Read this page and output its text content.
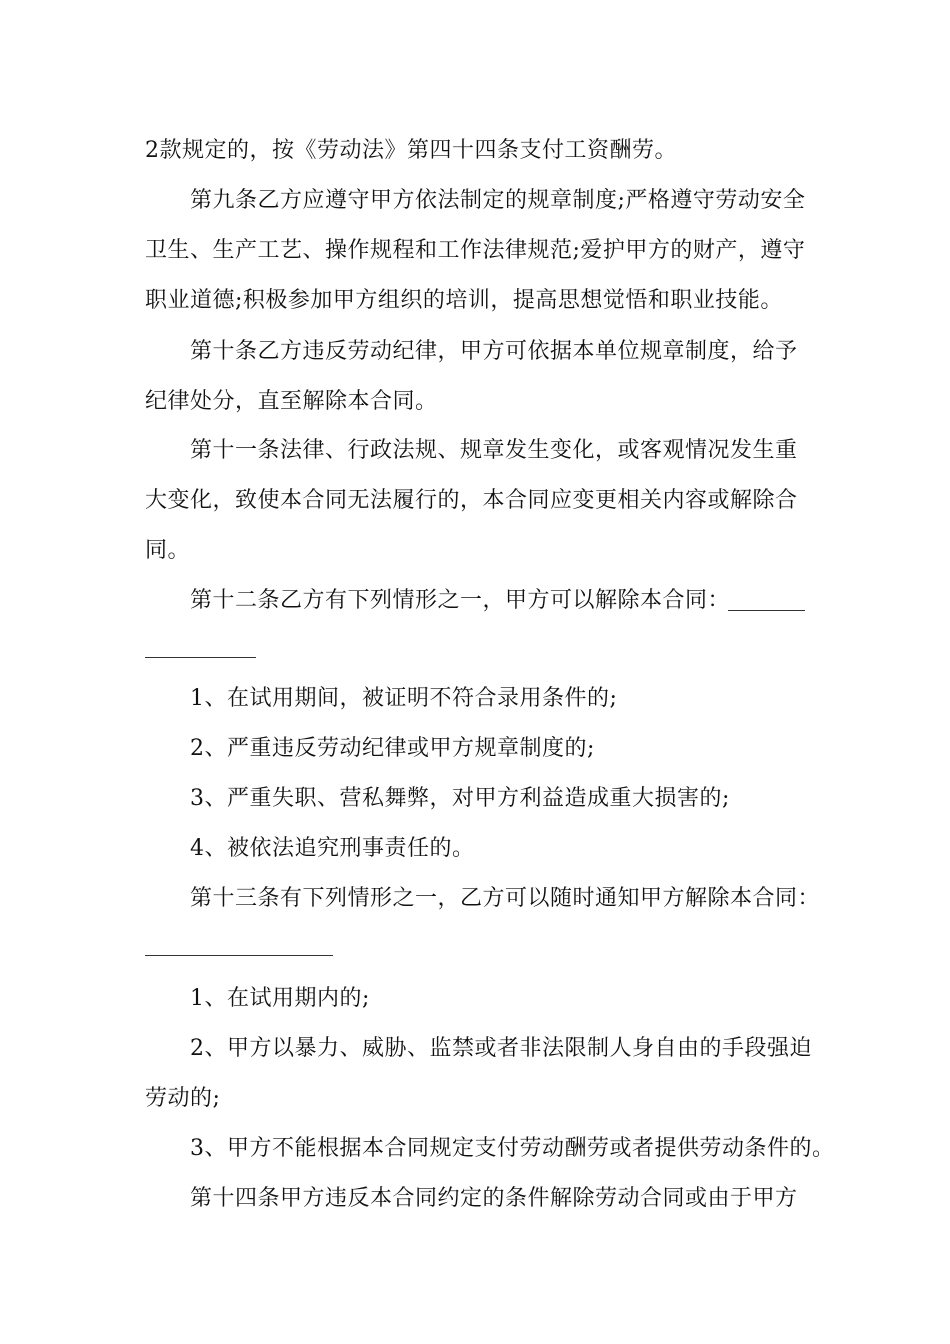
2款规定的，按《劳动法》第四十四条支付工资酬劳。
第九条乙方应遵守甲方依法制定的规章制度;严格遵守劳动安全
卫生、生产工艺、操作规程和工作法律规范;爱护甲方的财产，遵守
职业道德;积极参加甲方组织的培训，提高思想觉悟和职业技能。
第十条乙方违反劳动纪律，甲方可依据本单位规章制度，给予
纪律处分，直至解除本合同。
第十一条法律、行政法规、规章发生变化，或客观情况发生重
大变化，致使本合同无法履行的，本合同应变更相关内容或解除合
同。
第十二条乙方有下列情形之一，甲方可以解除本合同：
1、在试用期间，被证明不符合录用条件的;
2、严重违反劳动纪律或甲方规章制度的;
3、严重失职、营私舞弊，对甲方利益造成重大损害的;
4、被依法追究刑事责任的。
第十三条有下列情形之一，乙方可以随时通知甲方解除本合同：
1、在试用期内的;
2、甲方以暴力、威胁、监禁或者非法限制人身自由的手段强迫
劳动的;
3、甲方不能根据本合同规定支付劳动酬劳或者提供劳动条件的。
第十四条甲方违反本合同约定的条件解除劳动合同或由于甲方
